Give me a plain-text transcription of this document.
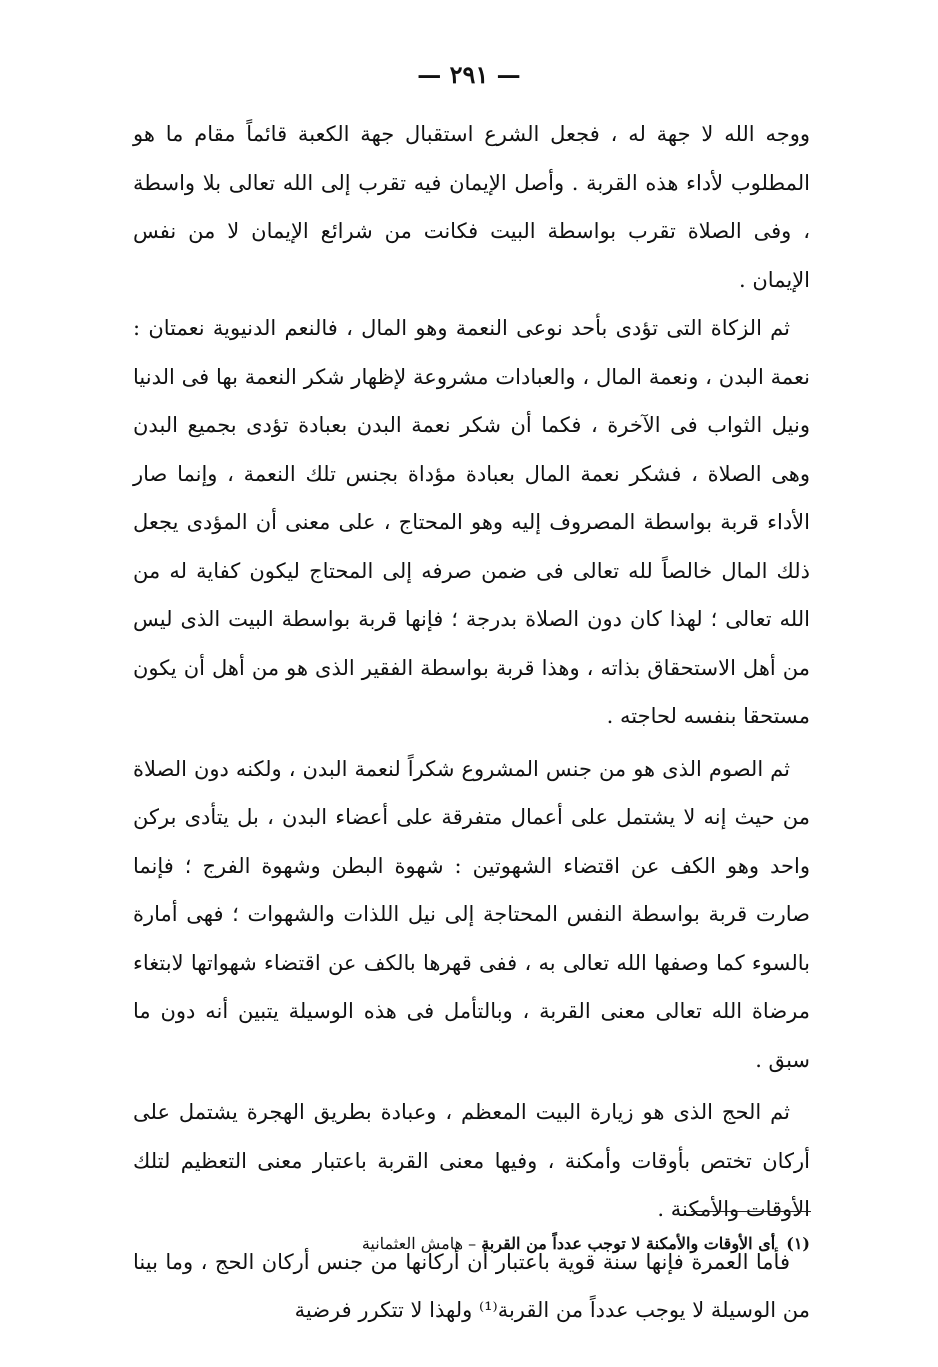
— ٢٩١ —

ووجه الله لا جهة له ، فجعل الشرع استقبال جهة الكعبة قائماً مقام ما هو المطلوب لأداء هذه القربة . وأصل الإيمان فيه تقرب إلى الله تعالى بلا واسطة ، وفى الصلاة تقرب بواسطة البيت فكانت من شرائع الإيمان لا من نفس الإيمان .

ثم الزكاة التى تؤدى بأحد نوعى النعمة وهو المال ، فالنعم الدنيوية نعمتان : نعمة البدن ، ونعمة المال ، والعبادات مشروعة لإظهار شكر النعمة بها فى الدنيا ونيل الثواب فى الآخرة ، فكما أن شكر نعمة البدن بعبادة تؤدى بجميع البدن وهى الصلاة ، فشكر نعمة المال بعبادة مؤداة بجنس تلك النعمة ، وإنما صار الأداء قربة بواسطة المصروف إليه وهو المحتاج ، على معنى أن المؤدى يجعل ذلك المال خالصاً لله تعالى فى ضمن صرفه إلى المحتاج ليكون كفاية له من الله تعالى ؛ لهذا كان دون الصلاة بدرجة ؛ فإنها قربة بواسطة البيت الذى ليس من أهل الاستحقاق بذاته ، وهذا قربة بواسطة الفقير الذى هو من أهل أن يكون مستحقا بنفسه لحاجته .

ثم الصوم الذى هو من جنس المشروع شكراً لنعمة البدن ، ولكنه دون الصلاة من حيث إنه لا يشتمل على أعمال متفرقة على أعضاء البدن ، بل يتأدى بركن واحد وهو الكف عن اقتضاء الشهوتين : شهوة البطن وشهوة الفرج ؛ فإنما صارت قربة بواسطة النفس المحتاجة إلى نيل اللذات والشهوات ؛ فهى أمارة بالسوء كما وصفها الله تعالى به ، ففى قهرها بالكف عن اقتضاء شهواتها لابتغاء مرضاة الله تعالى معنى القربة ، وبالتأمل فى هذه الوسيلة يتبين أنه دون ما سبق .

ثم الحج الذى هو زيارة البيت المعظم ، وعبادة بطريق الهجرة يشتمل على أركان تختص بأوقات وأمكنة ، وفيها معنى القربة باعتبار معنى التعظيم لتلك الأوقات والأمكنة .

فأما العمرة فإنها سنة قوية باعتبار أن أركانها من جنس أركان الحج ، وما بينا من الوسيلة لا يوجب عدداً من القربة⁽¹⁾ ولهذا لا تتكرر فرضية

(١) أى الأوقات والأمكنة لا توجب عدداً من القربة – هامش العثمانية
